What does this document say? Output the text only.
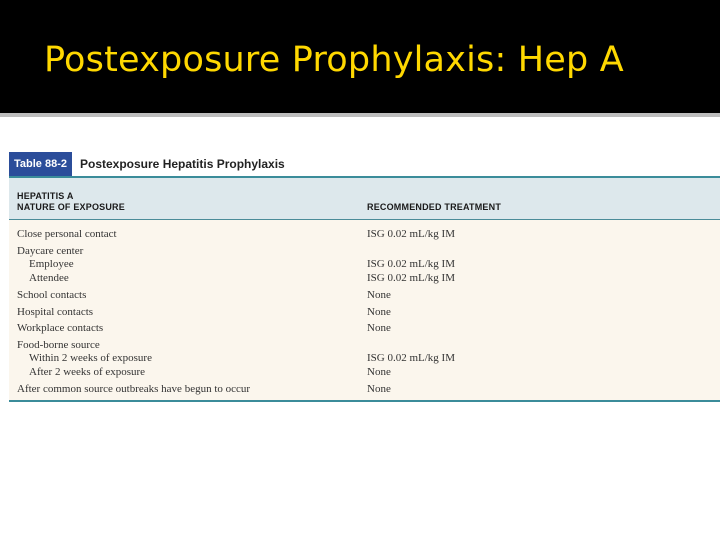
Postexposure Prophylaxis: Hep A
Table 88-2	Postexposure Hepatitis Prophylaxis
HEPATITIS A
NATURE OF EXPOSURE	RECOMMENDED TREATMENT
Close personal contact	ISG 0.02 mL/kg IM
Daycare center
Employee	ISG 0.02 mL/kg IM
Attendee	ISG 0.02 mL/kg IM
School contacts	None
Hospital contacts	None
Workplace contacts	None
Food-borne source
Within 2 weeks of exposure	ISG 0.02 mL/kg IM
After 2 weeks of exposure	None
After common source outbreaks have begun to occur	None
